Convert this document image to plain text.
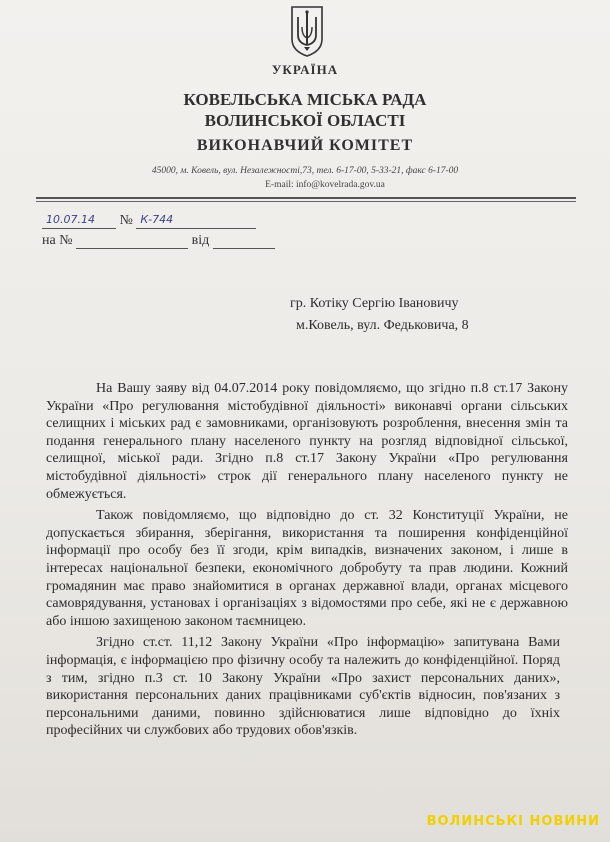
УКРАЇНА
КОВЕЛЬСЬКА МІСЬКА РАДА
ВОЛИНСЬКОЇ ОБЛАСТІ
ВИКОНАВЧИЙ КОМІТЕТ
45000, м. Ковель, вул. Незалежності,73, тел. 6-17-00, 5-33-21, факс 6-17-00
E-mail: info@kovelrada.gov.ua
10.07.14 № К-744
на №	від
гр. Котіку Сергію Івановичу
м.Ковель, вул. Федьковича, 8

На Вашу заяву від 04.07.2014 року повідомляємо, що згідно п.8 ст.17 Закону України «Про регулювання містобудівної діяльності» виконавчі органи сільських селищних і міських рад є замовниками, організовують розроблення, внесення змін та подання генерального плану населеного пункту на розгляд відповідної сільської, селищної, міської ради. Згідно п.8 ст.17 Закону України «Про регулювання містобудівної діяльності» строк дії генерального плану населеного пункту не обмежується.

Також повідомляємо, що відповідно до ст. 32 Конституції України, не допускається збирання, зберігання, використання та поширення конфіденційної інформації про особу без її згоди, крім випадків, визначених законом, і лише в інтересах національної безпеки, економічного добробуту та прав людини. Кожний громадянин має право знайомитися в органах державної влади, органах місцевого самоврядування, установах і організаціях з відомостями про себе, які не є державною або іншою захищеною законом таємницею.

Згідно ст.ст. 11,12 Закону України «Про інформацію» запитувана Вами інформація, є інформацією про фізичну особу та належить до конфіденційної. Поряд з тим, згідно п.3 ст. 10 Закону України «Про захист персональних даних», використання персональних даних працівниками суб'єктів відносин, пов'язаних з персональними даними, повинно здійснюватися лише відповідно до їхніх професійних чи службових або трудових обов'язків.

ВОЛИНСЬКІ НОВИНИ
